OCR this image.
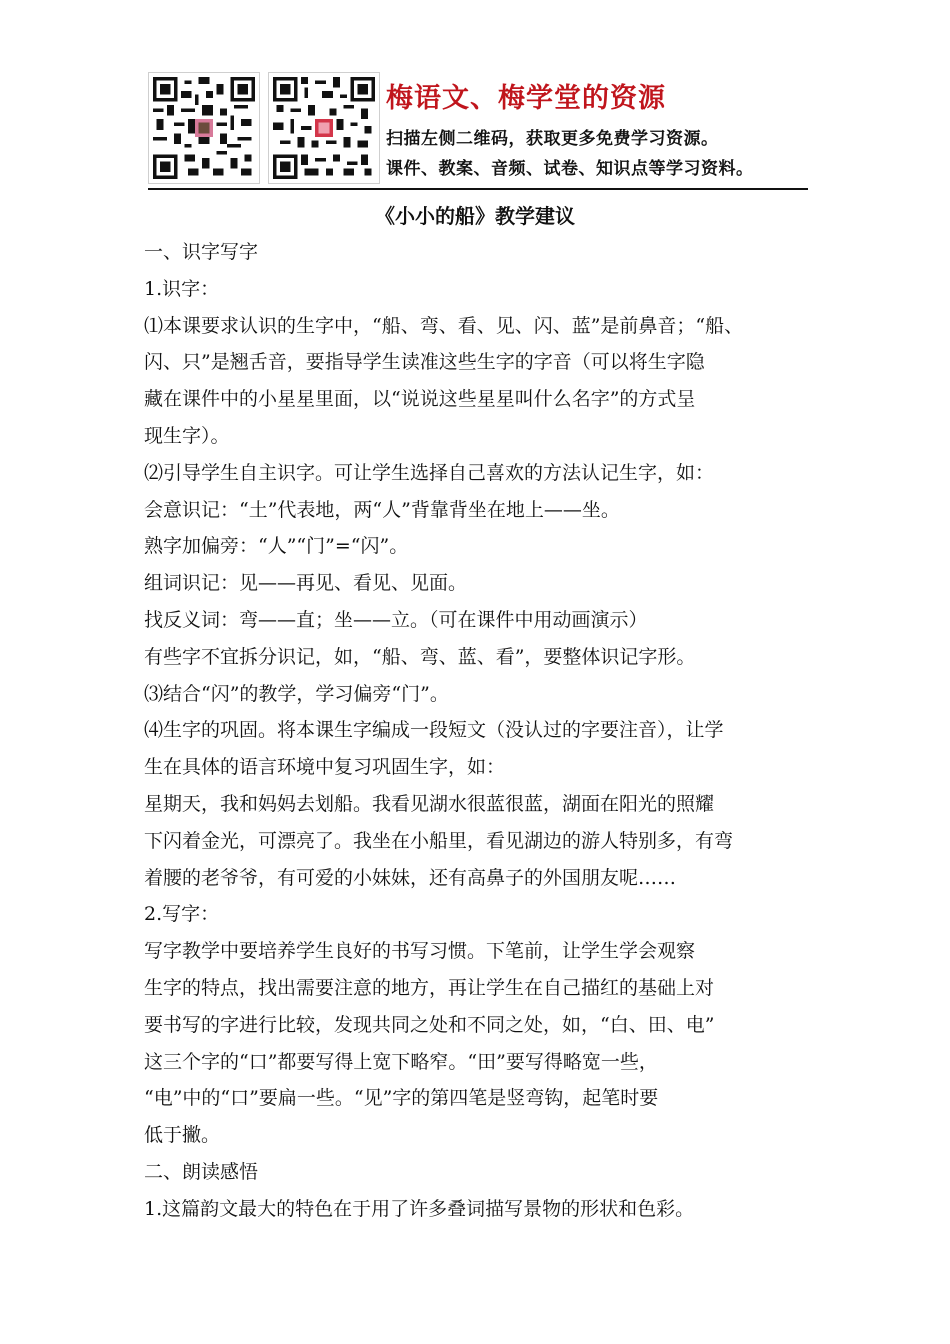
梅语文、梅学堂的资源
扫描左侧二维码，获取更多免费学习资源。
课件、教案、音频、试卷、知识点等学习资料。
《小小的船》教学建议

一、识字写字

1.识字：

⑴本课要求认识的生字中，“船、弯、看、见、闪、蓝”是前鼻音；“船、

闪、只”是翘舌音，要指导学生读准这些生字的字音（可以将生字隐

藏在课件中的小星星里面，以“说说这些星星叫什么名字”的方式呈

现生字）。

⑵引导学生自主识字。可让学生选择自己喜欢的方法认记生字，如：

会意识记：“土”代表地，两“人”背靠背坐在地上——坐。

熟字加偏旁：“人”“门”=“闪”。

组词识记：见——再见、看见、见面。

找反义词：弯——直；坐——立。（可在课件中用动画演示）

有些字不宜拆分识记，如，“船、弯、蓝、看”，要整体识记字形。

⑶结合“闪”的教学，学习偏旁“门”。

⑷生字的巩固。将本课生字编成一段短文（没认过的字要注音），让学

生在具体的语言环境中复习巩固生字，如：

星期天，我和妈妈去划船。我看见湖水很蓝很蓝，湖面在阳光的照耀

下闪着金光，可漂亮了。我坐在小船里，看见湖边的游人特别多，有弯

着腰的老爷爷，有可爱的小妹妹，还有高鼻子的外国朋友呢……

2.写字：

写字教学中要培养学生良好的书写习惯。下笔前，让学生学会观察

生字的特点，找出需要注意的地方，再让学生在自己描红的基础上对

要书写的字进行比较，发现共同之处和不同之处，如，“白、田、电”

这三个字的“口”都要写得上宽下略窄。“田”要写得略宽一些，

“电”中的“口”要扁一些。“见”字的第四笔是竖弯钩，起笔时要

低于撇。

二、朗读感悟

1.这篇韵文最大的特色在于用了许多叠词描写景物的形状和色彩。
